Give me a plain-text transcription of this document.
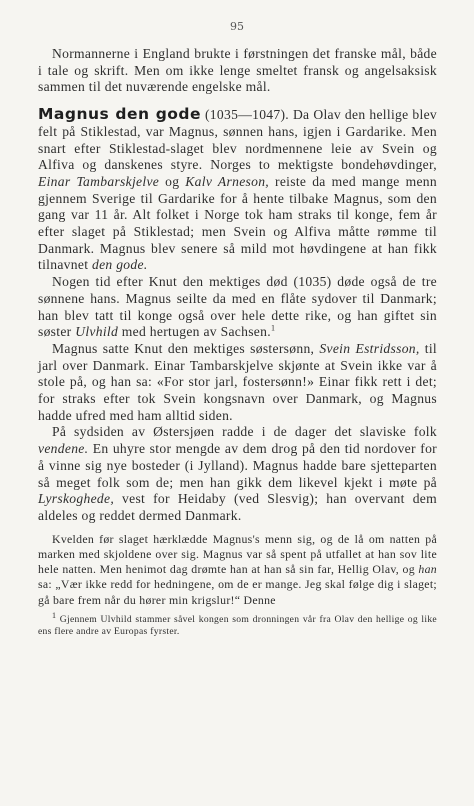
95

Normannerne i England brukte i førstningen det franske mål, både i tale og skrift. Men om ikke lenge smeltet fransk og angelsaksisk sammen til det nuværende engelske mål.

Magnus den gode (1035—1047). Da Olav den hellige blev felt på Stiklestad, var Magnus, sønnen hans, igjen i Gardarike. Men snart efter Stiklestad-slaget blev nordmennene leie av Svein og Alfiva og danskenes styre. Norges to mektigste bondehøvdinger, Einar Tambarskjelve og Kalv Arneson, reiste da med mange menn gjennem Sverige til Gardarike for å hente tilbake Magnus, som den gang var 11 år. Alt folket i Norge tok ham straks til konge, fem år efter slaget på Stiklestad; men Svein og Alfiva måtte rømme til Danmark. Magnus blev senere så mild mot høvdingene at han fikk tilnavnet den gode.

Nogen tid efter Knut den mektiges død (1035) døde også de tre sønnene hans. Magnus seilte da med en flåte sydover til Danmark; han blev tatt til konge også over hele dette rike, og han giftet sin søster Ulvhild med hertugen av Sachsen.$^1$

Magnus satte Knut den mektiges søstersønn, Svein Estridsson, til jarl over Danmark. Einar Tambarskjelve skjønte at Svein ikke var å stole på, og han sa: «For stor jarl, fostersønn!» Einar fikk rett i det; for straks efter tok Svein kongsnavn over Danmark, og Magnus hadde ufred med ham alltid siden.

På sydsiden av Østersjøen radde i de dager det slaviske folk vendene. En uhyre stor mengde av dem drog på den tid nordover for å vinne sig nye bosteder (i Jylland). Magnus hadde bare sjetteparten så meget folk som de; men han gikk dem likevel kjekt i møte på Lyrskoghede, vest for Heidaby (ved Slesvig); han overvant dem aldeles og reddet dermed Danmark.

Kvelden før slaget hærklædde Magnus's menn sig, og de lå om natten på marken med skjoldene over sig. Magnus var så spent på utfallet at han sov lite hele natten. Men henimot dag drømte han at han så sin far, Hellig Olav, og han sa: „Vær ikke redd for hedningene, om de er mange. Jeg skal følge dig i slaget; gå bare frem når du hører min krigslur!“ Denne

$^1$ Gjennem Ulvhild stammer såvel kongen som dronningen vår fra Olav den hellige og like ens flere andre av Europas fyrster.
